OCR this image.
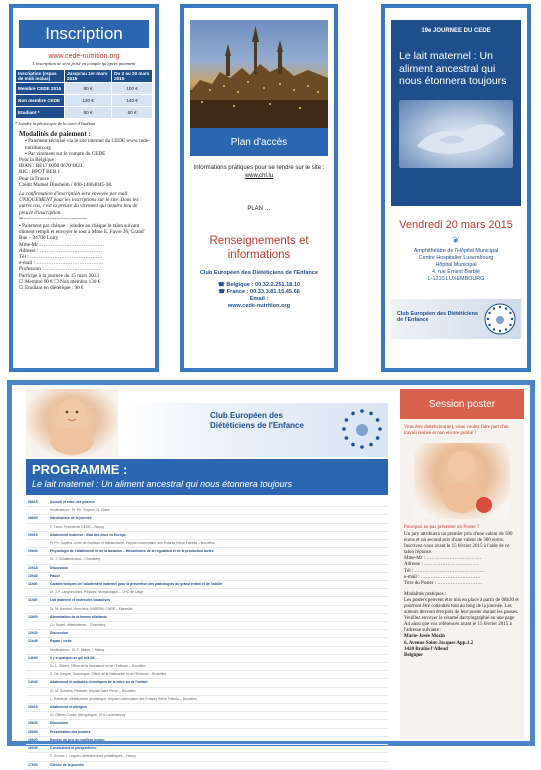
Inscription
www.cede-nutrition.org
L'inscription ne sera prise en compte qu'après paiement
Inscription (repas de midi inclus)	Jusqu'au 1er mars 2015	Du 2 au 20 mars 2015
Membre CEDE 2015	90 €	100 €
Non membre CEDE	130 €	140 €
Etudiant *	50 €	60 €
* Joindre la photocopie de la carte d'étudiant
Modalités de paiement :
▪ Paiement sécurisé via le site internet du CEDE www.cede-nutrition.org
▪ Par virement sur le compte du CEDE
Pour la Belgique :
IBAN : BE17 0000 0670 4821
BIC : BPOT BEB 1
Pour la France :
Crédit Mutuel Dinsheim / 000-14064045-38.
La confirmation d'inscription sera envoyée par mail UNIQUEMENT pour les inscriptions sur le site. Dans les autres cas, c'est la preuve du virement qui tiendra lieu de preuve d'inscription.
✂-------------------------------------
▪ Paiement par chèque : joindre au chèque le talon suivant dûment rempli et envoyer le tout à Mme E. Favre 26, Grand' Rue – 34700 Loiry
Mme-Mr : ………………………………
Adresse : ………………………………
Tél : ……………………………………
e-mail : …………………………………
Profession : ……………………………
Participe à la journée du 15 mars 2013
☐ Membre 90 € ☐ Non membre 130 €
☐ Etudiant en diététique : 90 €
Plan d'accès
Informations pratiques pour se rendre sur le site : www.chl.lu
PLAN …
Renseignements et informations
Club Européen des Diététiciens de l'Enfance
☎ Belgique : 00.32.2.251.18.10
☎ France : 00.33.3.81.15.45.66
Email :
www.cede-nutrition.org
19e JOURNEE DU CEDE
Le lait maternel : Un aliment ancestral qui nous étonnera toujours
Vendredi 20 mars 2015
❦
Amphithéâtre de l'Hôpital Municipal
Centre Hospitalier Luxembourg
Hôpital Municipal
4, rue Ernest Barblé
L-1210 LUXEMBOURG
Club Européen des Diététiciens de l'Enfance
Club Européen des Diététiciens de l'Enfance
PROGRAMME :
Le lait maternel : Un aliment ancestral qui nous étonnera toujours
08h15	Accueil et mise des posters
Modérateurs : Pr. Ph. Goyens, N. Claes
09h00	Introduction de la journée
F. Favre, Présidente CEDE – Nancy
09h10	Allaitement maternel : Etat des lieux en Europe
Pr Ph. Goyens, Unité de Nutrition et Métabolisme, Hôpital Universitaire des Enfants Reine Fabiola – Bruxelles
09h40	Physiologie de l'allaitement et de la lactation – Mécanismes de la régulation et de la production lactée.
Dr. J. Schaltenbrand – Chambéry
10h15	Discussion
10h30	Pause
11h00	Caractéristiques de l'allaitement maternel pour la prévention des pathologies du grand enfant et de l'adulte
Dr. J.P. Langhendries, Pédiatre néonatologue – CHC de Liège
11h30	Lait maternel et molécules bioactives
Dr. M. Armand, chercheur, INSERM, CNRS – Marseille
12h00	Alimentation de la femme allaitante
Ch. Bodet, diététicienne – Chambéry
12h30	Discussion
12h45	Repas / visite
Modérateurs : Dr. F. Monet, I. Marcq
14h00	Il y a quelque-un qui m'a dit…
Dr. L. Gilbert, Office de la Naissance et de l'Enfance – Bruxelles
C. De Jonghe, Sociologue, Office de la Naissance et de l'Enfance – Bruxelles
14h30	Allaitement et maladies chroniques de la mère ou de l'enfant.
Dr. M. Scheers, Pédiatre, Hôpital Saint Pierre – Bruxelles
L. Hofstede, diététicienne pédiatrique, Hôpital Universitaire des Enfants Reine Fabiola – Bruxelles
15h10	Allaitement et allergies
Dr. Gilbert-Comte, Allergologue, CHL Luxembourg
15h40	Discussion
16h00	Présentation des posters
16h20	Remise du prix du meilleur poster
16h30	Conclusions et perspectives.
F. Gomez, I. Leguen, diététiciennes pédiatriques – Nancy
17h00	Clôture de la journée
Session poster
Vous êtes diététicien(ne), vous voulez faire part d'un travail réalisé et non encore publié ?
Pourquoi ne pas présenter un Poster ?
Un jury attribuera un premier prix d'une valeur de 500 euros et un second prix d'une valeur de 300 euros. Inscrivez-vous avant le 15 février 2015 à l'aide de ce talon réponse.
Mme-Mr : ……………………………
Adresse : ……………………………
Tél : ……………………………………
e-mail : ………………………………
Titre du Poster : ………………………
Modalités pratiques :
Les posters peuvent être mis en place à partir de 08h30 et pourront être consultés tout au long de la journée. Les auteurs devront être près de leur poster durant les pauses. Veuillez envoyer le résumé dactylographié en une page A4 ainsi que vos références avant le 15 février 2015 à l'adresse suivante :
Marie-Josée Mozin
6, Avenue Saint-Jacques App.1.2
1420 Braine l'Alleud
Belgique
